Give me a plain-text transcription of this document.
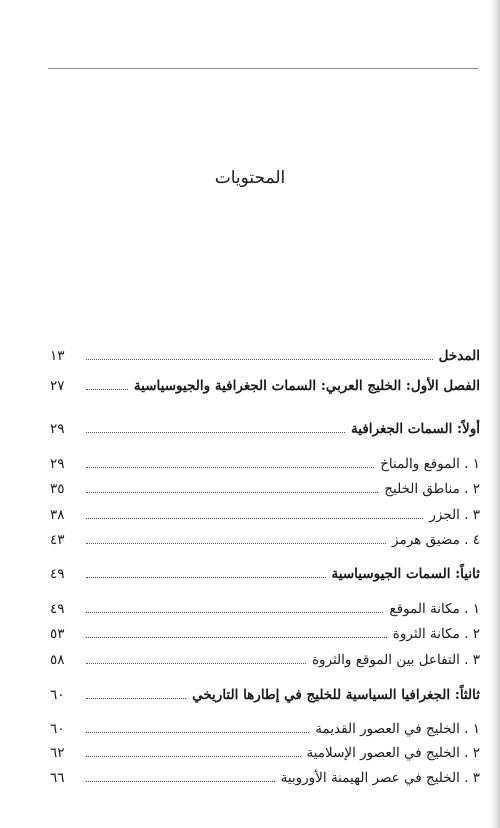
المحتويات
المدخل
١٣
الفصل الأول: الخليج العربي: السمات الجغرافية والجيوسياسية
٢٧
أولاً: السمات الجغرافية
٢٩
١ . الموقع والمناخ
٢٩
٢ . مناطق الخليج
٣٥
٣ . الجزر
٣٨
٤ . مضيق هرمز
٤٣
ثانياً: السمات الجيوسياسية
٤٩
١ . مكانة الموقع
٤٩
٢ . مكانة الثروة
٥٣
٣ . التفاعل بين الموقع والثروة
٥٨
ثالثاً: الجغرافيا السياسية للخليج في إطارها التاريخي
٦٠
١ . الخليج في العصور القديمة
٦٠
٢ . الخليج في العصور الإسلامية
٦٢
٣ . الخليج في عصر الهيمنة الأوروبية
٦٦
